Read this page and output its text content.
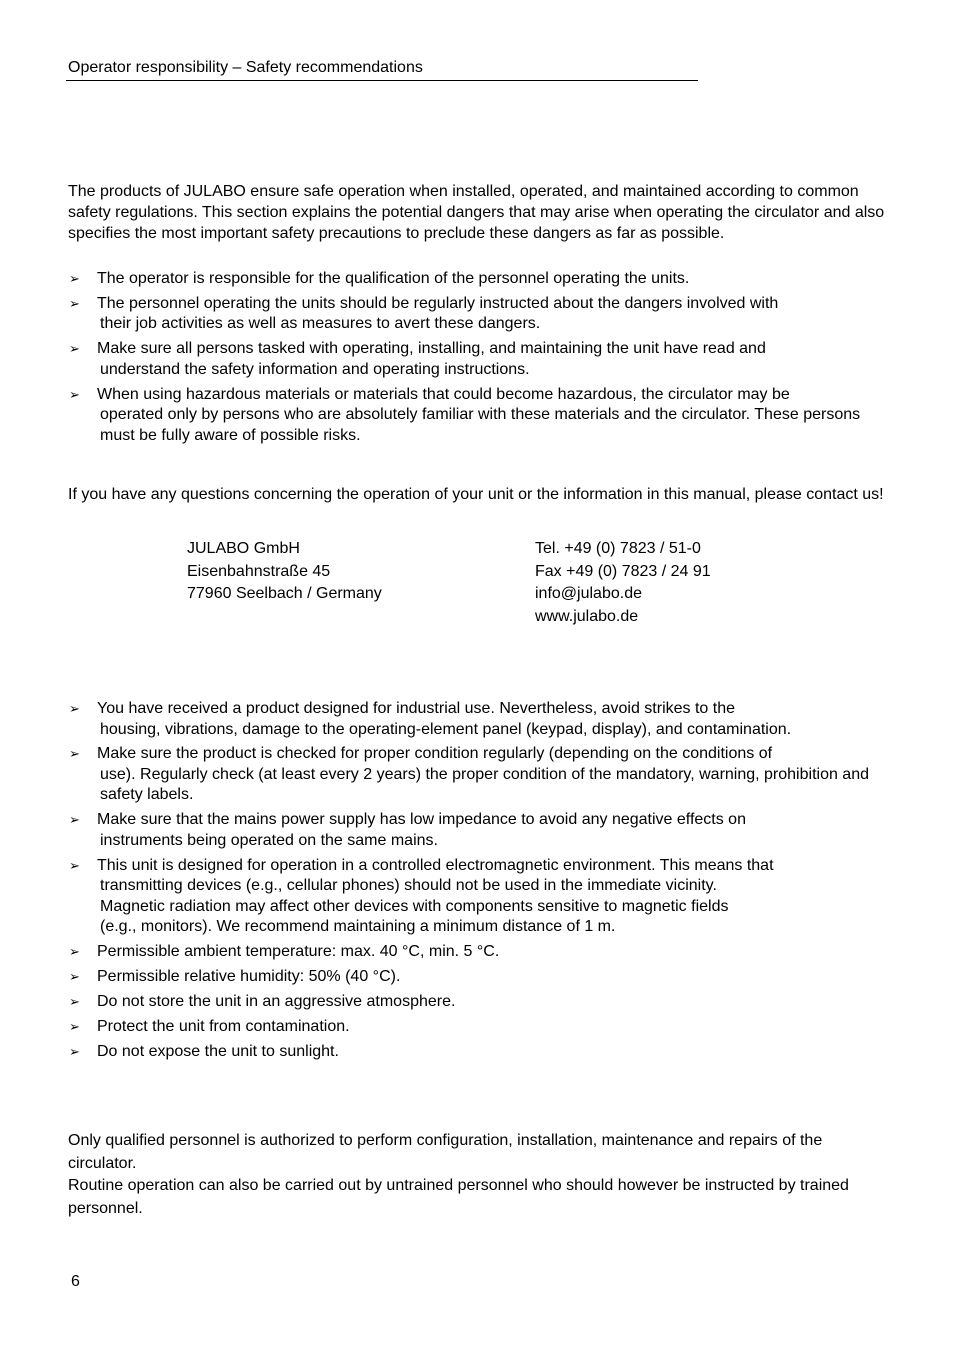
Operator responsibility – Safety recommendations

The products of JULABO ensure safe operation when installed, operated, and maintained according to common safety regulations. This section explains the potential dangers that may arise when operating the circulator and also specifies the most important safety precautions to preclude these dangers as far as possible.

➢ The operator is responsible for the qualification of the personnel operating the units.
➢ The personnel operating the units should be regularly instructed about the dangers involved with
their job activities as well as measures to avert these dangers.
➢ Make sure all persons tasked with operating, installing, and maintaining the unit have read and
understand the safety information and operating instructions.
➢ When using hazardous materials or materials that could become hazardous, the circulator may be
operated only by persons who are absolutely familiar with these materials and the circulator. These persons must be fully aware of possible risks.

If you have any questions concerning the operation of your unit or the information in this manual, please contact us!

JULABO GmbH
Eisenbahnstraße 45
77960 Seelbach / Germany
Tel. +49 (0) 7823 / 51-0
Fax +49 (0) 7823 / 24 91
info@julabo.de
www.julabo.de
➢ You have received a product designed for industrial use. Nevertheless, avoid strikes to the
housing, vibrations, damage to the operating-element panel (keypad, display), and contamination.
➢ Make sure the product is checked for proper condition regularly (depending on the conditions of
use). Regularly check (at least every 2 years) the proper condition of the mandatory, warning, prohibition and safety labels.
➢ Make sure that the mains power supply has low impedance to avoid any negative effects on
instruments being operated on the same mains.
➢ This unit is designed for operation in a controlled electromagnetic environment. This means that
transmitting devices (e.g., cellular phones) should not be used in the immediate vicinity.
Magnetic radiation may affect other devices with components sensitive to magnetic fields
(e.g., monitors). We recommend maintaining a minimum distance of 1 m.
➢ Permissible ambient temperature: max. 40 °C, min. 5 °C.
➢ Permissible relative humidity: 50% (40 °C).
➢ Do not store the unit in an aggressive atmosphere.
➢ Protect the unit from contamination.
➢ Do not expose the unit to sunlight.

Only qualified personnel is authorized to perform configuration, installation, maintenance and repairs of the circulator.

Routine operation can also be carried out by untrained personnel who should however be instructed by trained personnel.

6
